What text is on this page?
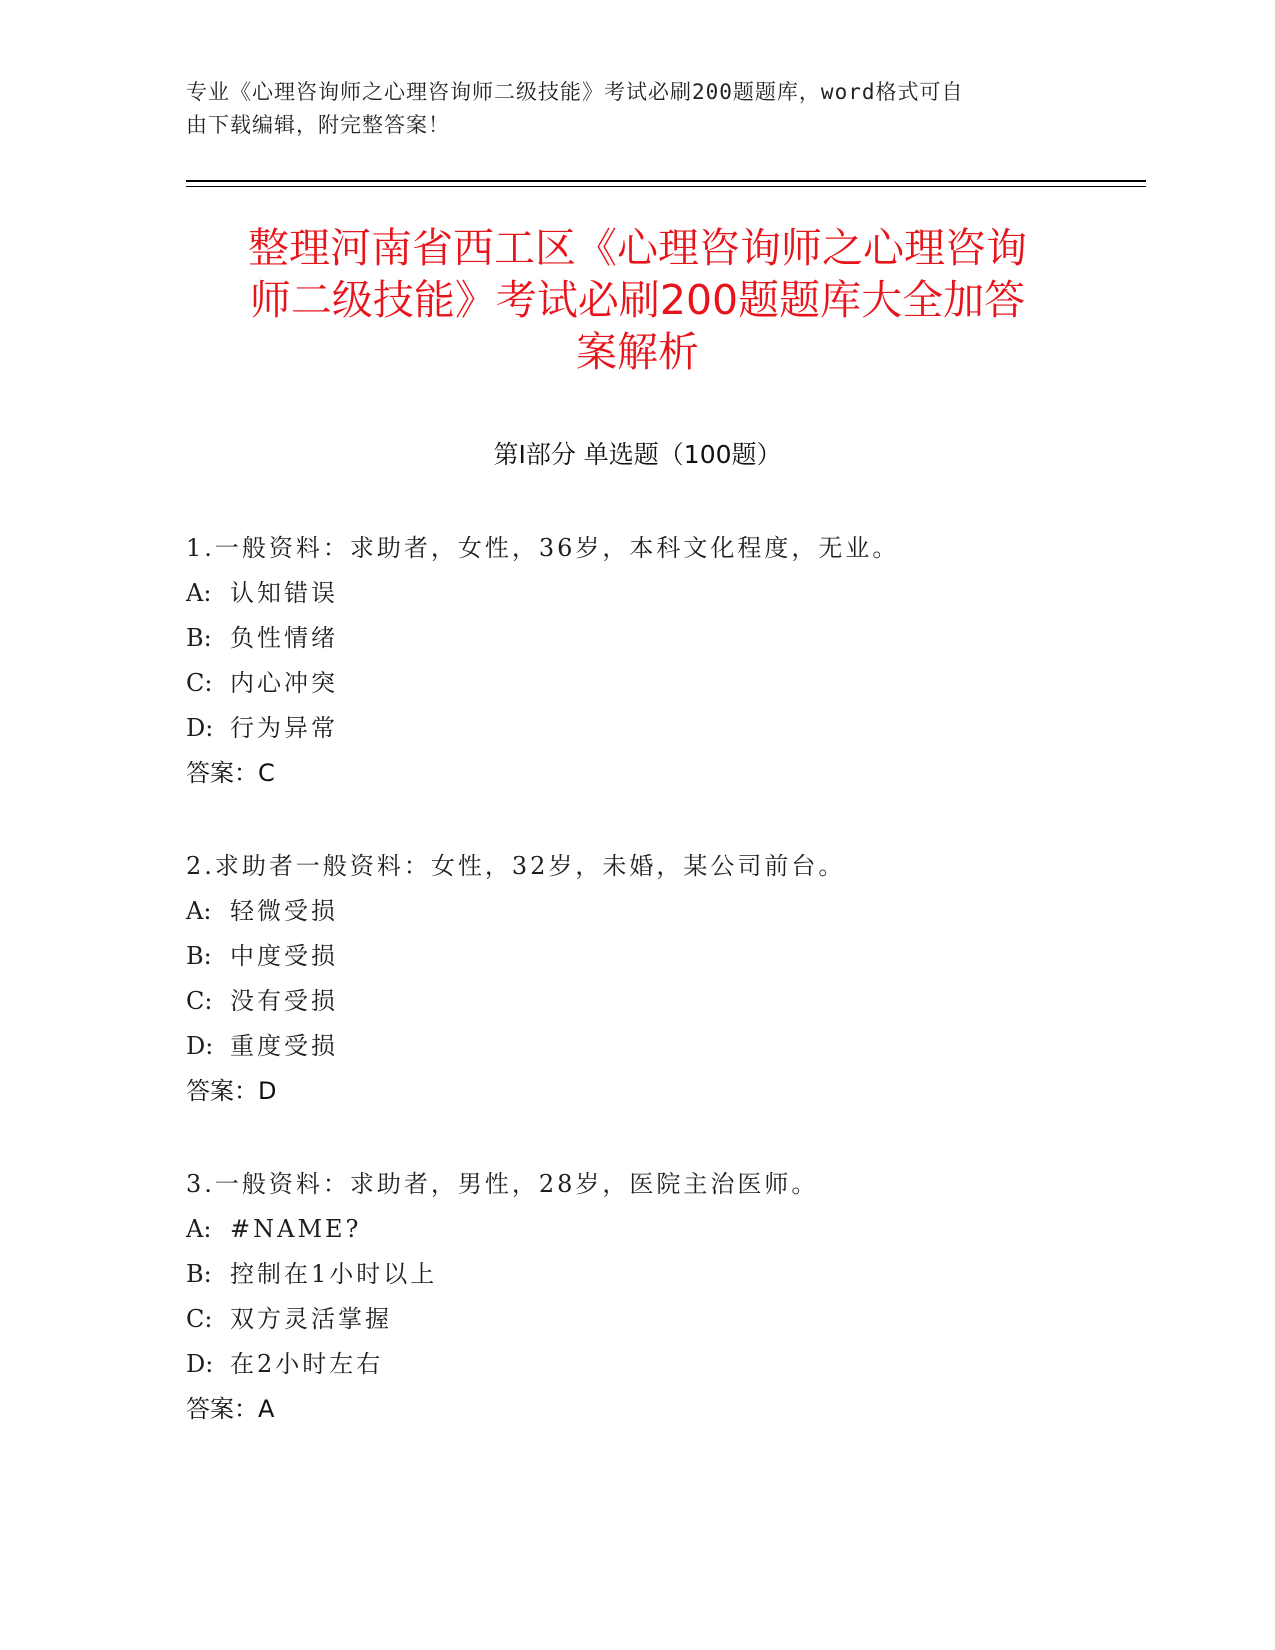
专业《心理咨询师之心理咨询师二级技能》考试必刷200题题库，word格式可自
由下载编辑，附完整答案！
整理河南省西工区《心理咨询师之心理咨询
师二级技能》考试必刷200题题库大全加答
案解析
第Ⅰ部分 单选题（100题）
1.一般资料：求助者，女性，36岁，本科文化程度，无业。
A: 认知错误
B: 负性情绪
C: 内心冲突
D: 行为异常
答案：C
2.求助者一般资料：女性，32岁，未婚，某公司前台。
A: 轻微受损
B: 中度受损
C: 没有受损
D: 重度受损
答案：D
3.一般资料：求助者，男性，28岁，医院主治医师。
A: #NAME?
B: 控制在1小时以上
C: 双方灵活掌握
D: 在2小时左右
答案：A
